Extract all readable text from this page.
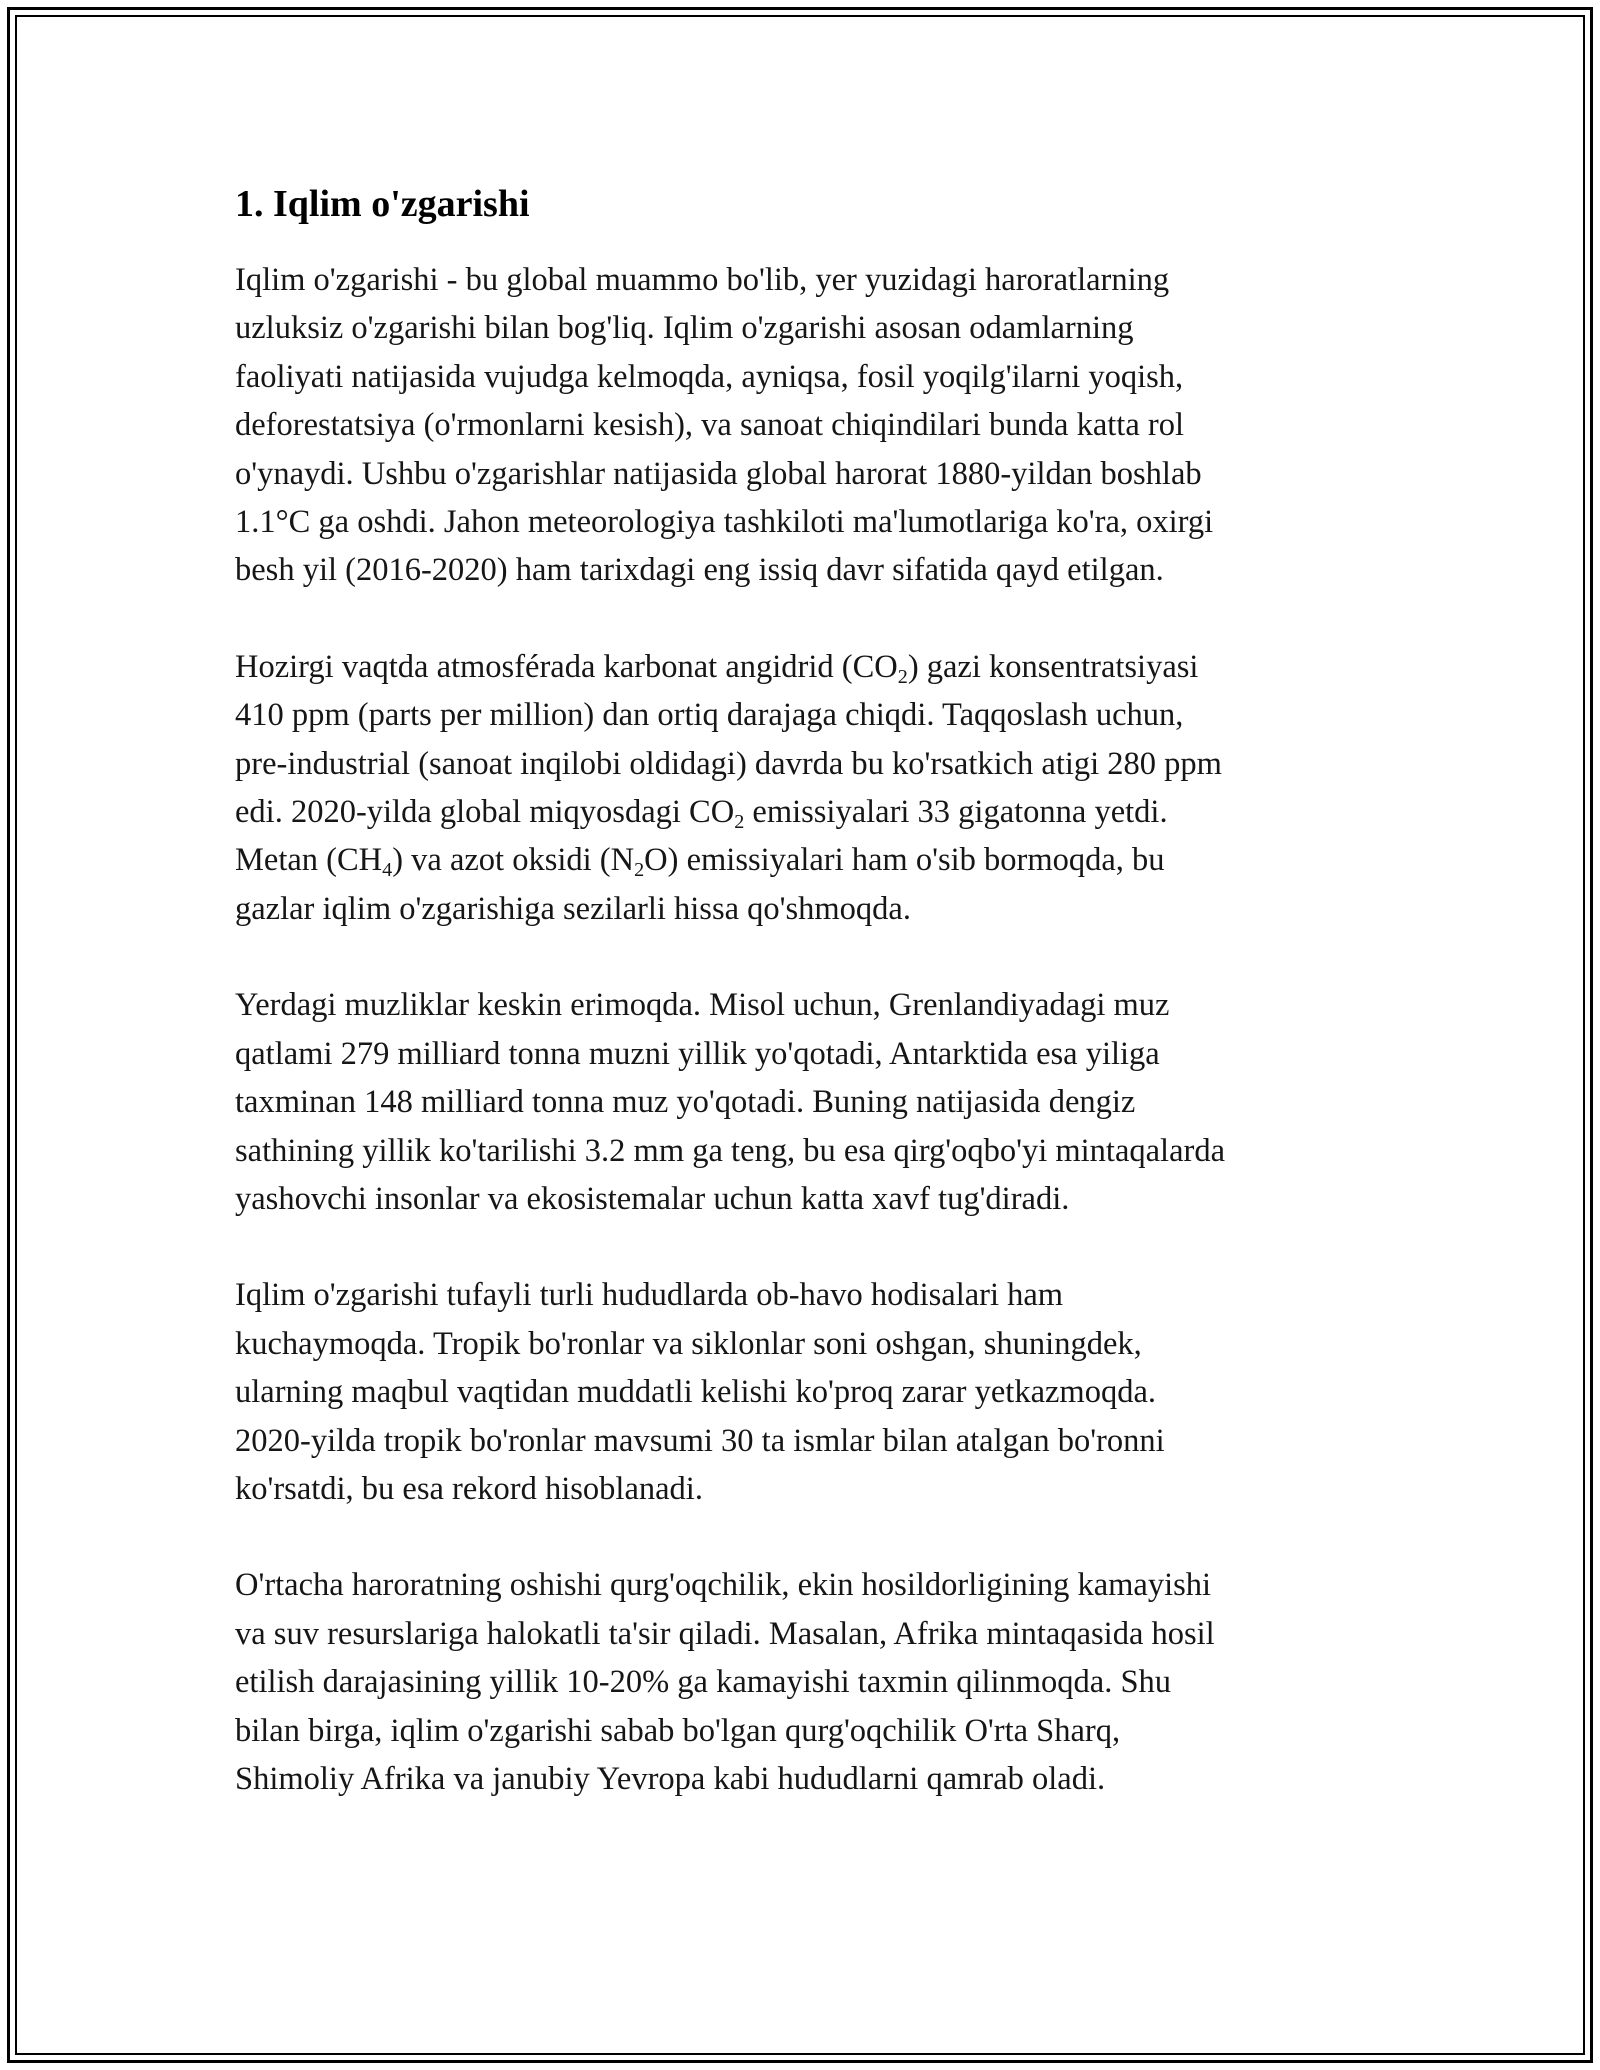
1. Iqlim o'zgarishi

Iqlim o'zgarishi - bu global muammo bo'lib, yer yuzidagi haroratlarning
uzluksiz o'zgarishi bilan bog'liq. Iqlim o'zgarishi asosan odamlarning
faoliyati natijasida vujudga kelmoqda, ayniqsa, fosil yoqilg'ilarni yoqish,
deforestatsiya (o'rmonlarni kesish), va sanoat chiqindilari bunda katta rol
o'ynaydi. Ushbu o'zgarishlar natijasida global harorat 1880-yildan boshlab
1.1°C ga oshdi. Jahon meteorologiya tashkiloti ma'lumotlariga ko'ra, oxirgi
besh yil (2016-2020) ham tarixdagi eng issiq davr sifatida qayd etilgan.

Hozirgi vaqtda atmosférada karbonat angidrid $(CO_2)$ gazi konsentratsiyasi
410 ppm (parts per million) dan ortiq darajaga chiqdi. Taqqoslash uchun,
pre-industrial (sanoat inqilobi oldidagi) davrda bu ko'rsatkich atigi 280 ppm
edi. 2020-yilda global miqyosdagi $CO_2$ emissiyalari 33 gigatonna yetdi.
Metan $(CH_4)$ va azot oksidi $(N_2O)$ emissiyalari ham o'sib bormoqda, bu
gazlar iqlim o'zgarishiga sezilarli hissa qo'shmoqda.

Yerdagi muzliklar keskin erimoqda. Misol uchun, Grenlandiyadagi muz
qatlami 279 milliard tonna muzni yillik yo'qotadi, Antarktida esa yiliga
taxminan 148 milliard tonna muz yo'qotadi. Buning natijasida dengiz
sathining yillik ko'tarilishi 3.2 mm ga teng, bu esa qirg'oqbo'yi mintaqalarda
yashovchi insonlar va ekosistemalar uchun katta xavf tug'diradi.

Iqlim o'zgarishi tufayli turli hududlarda ob-havo hodisalari ham
kuchaymoqda. Tropik bo'ronlar va siklonlar soni oshgan, shuningdek,
ularning maqbul vaqtidan muddatli kelishi ko'proq zarar yetkazmoqda.
2020-yilda tropik bo'ronlar mavsumi 30 ta ismlar bilan atalgan bo'ronni
ko'rsatdi, bu esa rekord hisoblanadi.

O'rtacha haroratning oshishi qurg'oqchilik, ekin hosildorligining kamayishi
va suv resurslariga halokatli ta'sir qiladi. Masalan, Afrika mintaqasida hosil
etilish darajasining yillik 10-20% ga kamayishi taxmin qilinmoqda. Shu
bilan birga, iqlim o'zgarishi sabab bo'lgan qurg'oqchilik O'rta Sharq,
Shimoliy Afrika va janubiy Yevropa kabi hududlarni qamrab oladi.
